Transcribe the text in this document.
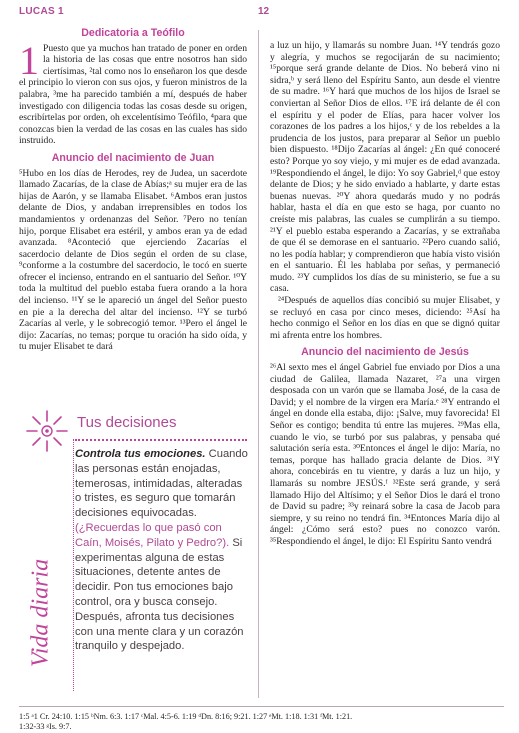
LUCAS 1	12
Dedicatoria a Teófilo

1 Puesto que ya muchos han tratado de poner en orden la historia de las cosas que entre nosotros han sido ciertísimas, ²tal como nos lo enseñaron los que desde el principio lo vieron con sus ojos, y fueron ministros de la palabra, ³me ha parecido también a mí, después de haber investigado con diligencia todas las cosas desde su origen, escribírtelas por orden, oh excelentísimo Teófilo, ⁴para que conozcas bien la verdad de las cosas en las cuales has sido instruido.

Anuncio del nacimiento de Juan

⁵Hubo en los días de Herodes, rey de Judea, un sacerdote llamado Zacarías, de la clase de Abías;ᵃ su mujer era de las hijas de Aarón, y se llamaba Elisabet. ⁶Ambos eran justos delante de Dios, y andaban irreprensibles en todos los mandamientos y ordenanzas del Señor. ⁷Pero no tenían hijo, porque Elisabet era estéril, y ambos eran ya de edad avanzada. ⁸Aconteció que ejerciendo Zacarías el sacerdocio delante de Dios según el orden de su clase, ⁹conforme a la costumbre del sacerdocio, le tocó en suerte ofrecer el incienso, entrando en el santuario del Señor. ¹⁰Y toda la multitud del pueblo estaba fuera orando a la hora del incienso. ¹¹Y se le apareció un ángel del Señor puesto en pie a la derecha del altar del incienso. ¹²Y se turbó Zacarías al verle, y le sobrecogió temor. ¹³Pero el ángel le dijo: Zacarías, no temas; porque tu oración ha sido oída, y tu mujer Elisabet te dará

Tus decisiones
Vida diaria
Controla tus emociones. Cuando las personas están enojadas, temerosas, intimidadas, alteradas o tristes, es seguro que tomarán decisiones equivocadas. (¿Recuerdas lo que pasó con Caín, Moisés, Pilato y Pedro?). Si experimentas alguna de estas situaciones, detente antes de decidir. Pon tus emociones bajo control, ora y busca consejo. Después, afronta tus decisiones con una mente clara y un corazón tranquilo y despejado.

a luz un hijo, y llamarás su nombre Juan. ¹⁴Y tendrás gozo y alegría, y muchos se regocijarán de su nacimiento; ¹⁵porque será grande delante de Dios. No beberá vino ni sidra,ᵇ y será lleno del Espíritu Santo, aun desde el vientre de su madre. ¹⁶Y hará que muchos de los hijos de Israel se conviertan al Señor Dios de ellos. ¹⁷E irá delante de él con el espíritu y el poder de Elías, para hacer volver los corazones de los padres a los hijos,ᶜ y de los rebeldes a la prudencia de los justos, para preparar al Señor un pueblo bien dispuesto. ¹⁸Dijo Zacarías al ángel: ¿En qué conoceré esto? Porque yo soy viejo, y mi mujer es de edad avanzada. ¹⁹Respondiendo el ángel, le dijo: Yo soy Gabriel,ᵈ que estoy delante de Dios; y he sido enviado a hablarte, y darte estas buenas nuevas. ²⁰Y ahora quedarás mudo y no podrás hablar, hasta el día en que esto se haga, por cuanto no creíste mis palabras, las cuales se cumplirán a su tiempo. ²¹Y el pueblo estaba esperando a Zacarías, y se extrañaba de que él se demorase en el santuario. ²²Pero cuando salió, no les podía hablar; y comprendieron que había visto visión en el santuario. Él les hablaba por señas, y permaneció mudo. ²³Y cumplidos los días de su ministerio, se fue a su casa.

²⁴Después de aquellos días concibió su mujer Elisabet, y se recluyó en casa por cinco meses, diciendo: ²⁵Así ha hecho conmigo el Señor en los días en que se dignó quitar mi afrenta entre los hombres.

Anuncio del nacimiento de Jesús

²⁶Al sexto mes el ángel Gabriel fue enviado por Dios a una ciudad de Galilea, llamada Nazaret, ²⁷a una virgen desposada con un varón que se llamaba José, de la casa de David; y el nombre de la virgen era María.ᵉ ²⁸Y entrando el ángel en donde ella estaba, dijo: ¡Salve, muy favorecida! El Señor es contigo; bendita tú entre las mujeres. ²⁹Mas ella, cuando le vio, se turbó por sus palabras, y pensaba qué salutación sería esta. ³⁰Entonces el ángel le dijo: María, no temas, porque has hallado gracia delante de Dios. ³¹Y ahora, concebirás en tu vientre, y darás a luz un hijo, y llamarás su nombre JESÚS.ᶠ ³²Este será grande, y será llamado Hijo del Altísimo; y el Señor Dios le dará el trono de David su padre; ³³y reinará sobre la casa de Jacob para siempre, y su reino no tendrá fin. ³⁴Entonces María dijo al ángel: ¿Cómo será esto? pues no conozco varón. ³⁵Respondiendo el ángel, le dijo: El Espíritu Santo vendrá

1:5 ᵃ1 Cr. 24:10. 1:15 ᵇNm. 6:3. 1:17 ᶜMal. 4:5-6. 1:19 ᵈDn. 8:16; 9:21. 1:27 ᵉMt. 1:18. 1:31 ᶠMt. 1:21.
1:32-33 ᵍIs. 9:7.
